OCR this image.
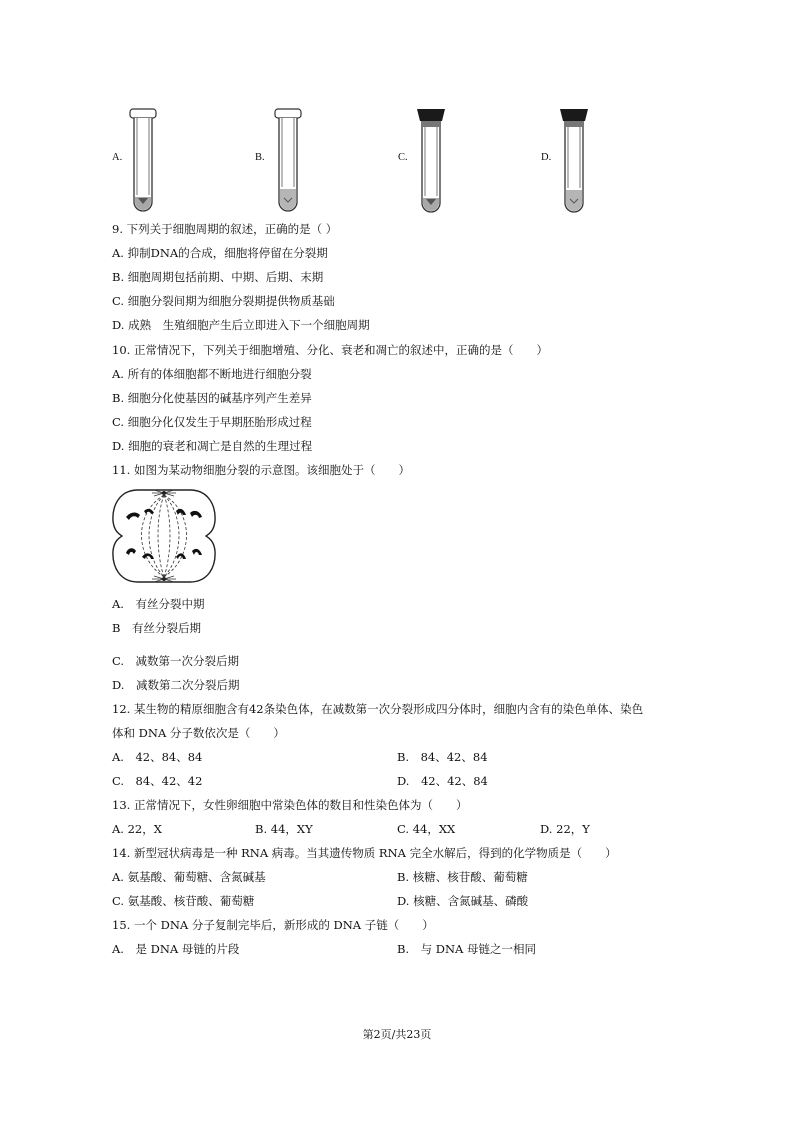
A.	B.	C.	D.
9. 下列关于细胞周期的叙述，正确的是（ ）
A. 抑制DNA的合成，细胞将停留在分裂期
B. 细胞周期包括前期、中期、后期、末期
C. 细胞分裂间期为细胞分裂期提供物质基础
D. 成熟　生殖细胞产生后立即进入下一个细胞周期
10. 正常情况下，下列关于细胞增殖、分化、衰老和凋亡的叙述中，正确的是（　　）
A. 所有的体细胞都不断地进行细胞分裂
B. 细胞分化使基因的碱基序列产生差异
C. 细胞分化仅发生于早期胚胎形成过程
D. 细胞的衰老和凋亡是自然的生理过程
11. 如图为某动物细胞分裂的示意图。该细胞处于（　　）
A.　有丝分裂中期
B　有丝分裂后期
C.　减数第一次分裂后期
D.　减数第二次分裂后期
12. 某生物的精原细胞含有42条染色体，在减数第一次分裂形成四分体时，细胞内含有的染色单体、染色
体和 DNA 分子数依次是（　　）
A.　42、84、84	B.　84、42、84
C.　84、42、42	D.　42、42、84
13. 正常情况下，女性卵细胞中常染色体的数目和性染色体为（　　）
A. 22，X	B. 44，XY	C. 44，XX	D. 22，Y
14. 新型冠状病毒是一种 RNA 病毒。当其遗传物质 RNA 完全水解后，得到的化学物质是（　　）
A. 氨基酸、葡萄糖、含氮碱基	B. 核糖、核苷酸、葡萄糖
C. 氨基酸、核苷酸、葡萄糖	D. 核糖、含氮碱基、磷酸
15. 一个 DNA 分子复制完毕后，新形成的 DNA 子链（　　）
A.　是 DNA 母链的片段	B.　与 DNA 母链之一相同
第2页/共23页
